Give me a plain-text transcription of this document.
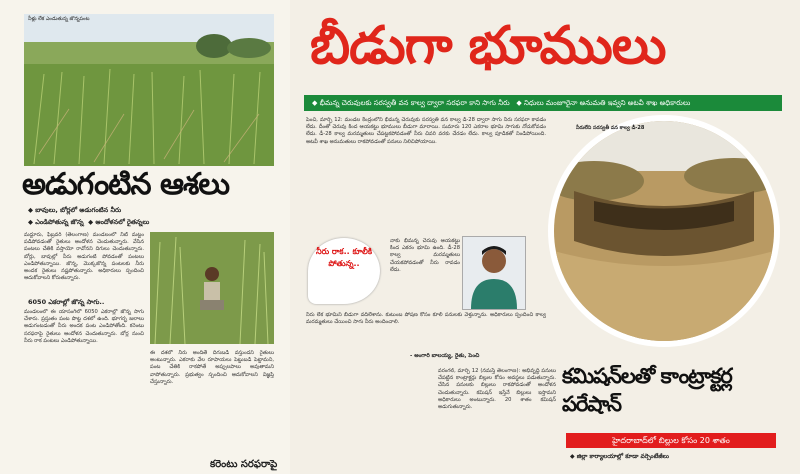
నీళ్లు లేక ఎండుతున్న జొన్నపంట
అడుగంటిన ఆశలు
◆ బావులు, బోర్లలో అడుగంటిన నీరు
◆ ఎండిపోతున్న జొన్న  ◆ ఆందోళనలో రైతన్నలు
మద్దూరు, ఫిబ్రవరి (తెలంగాణ) మండలంలో నీటి మట్టం పడిపోవడంతో రైతులు ఆందోళన చెందుతున్నారు. వేసిన పంటలు చేతికి వస్తాయో రావోనని దిగులు చెందుతున్నారు. బోర్లు, బావుల్లో నీరు అడుగంటి పోవడంతో పంటలు ఎండిపోతున్నాయి. జొన్న, మొక్కజొన్న పంటలకు నీరు అందక రైతులు నష్టపోతున్నారు. అధికారులు స్పందించి ఆదుకోవాలని కోరుతున్నారు.
6050 ఎకరాల్లో జొన్న సాగు..
మండలంలో ఈ యాసంగిలో 6050 ఎకరాల్లో జొన్న సాగు చేశారు. ప్రస్తుతం పంట పొట్ట దశలో ఉంది. భూగర్భ జలాలు అడుగంటడంతో నీరు అందక పంట ఎండిపోతోంది. కరెంటు సరఫరాపై రైతులు ఆందోళన చెందుతున్నారు. బోర్ల నుంచి నీరు రాక పంటలు ఎండిపోతున్నాయి.
ఈ దశలో నీరు అందితే దిగుబడి వస్తుందని రైతులు అంటున్నారు. ఎకరాకు వేల రూపాయలు పెట్టుబడి పెట్టామని, పంట చేతికి రాకపోతే అప్పులపాలు అవుతామని వాపోతున్నారు. ప్రభుత్వం స్పందించి ఆదుకోవాలని విజ్ఞప్తి చేస్తున్నారు.
కరెంటు సరఫరాపై
బీడుగా భూములు
◆ భీమన్న చెరువులకు సరస్వతీ వన కాల్వ ద్వారా సరఫరా కాని సాగు నీరు   ◆ నిధులు మంజూరైనా అనుమతి ఇవ్వని అటవీ శాఖ అధికారులు
పెంచి, మార్చి 12: మండల కేంద్రంలోని భీమన్న చెరువుకు సరస్వతి వన కాల్వ డీ-28 ద్వారా సాగు నీరు సరఫరా కావడం లేదు. దీంతో చెరువు కింద ఆయకట్టు భూములు బీడుగా మారాయి. సుమారు 120 ఎకరాల భూమి సాగుకు నోచుకోవడం లేదు. డీ-28 కాల్వ మరమ్మతులు చేపట్టకపోవడంతో నీరు చివరి వరకు చేరడం లేదు. కాల్వ పూడికతో నిండిపోయింది. అటవీ శాఖ అనుమతులు రాకపోవడంతో పనులు నిలిచిపోయాయి.
నీరులేని సరస్వతీ వన కాల్వ డీ-28
నీరు రాక.. కూలీకి పోతున్న..
నాకు భీమన్న చెరువు ఆయకట్టు కింద ఎకరం భూమి ఉంది. డీ-28 కాల్వ మరమ్మతులు చేయకపోవడంతో నీరు రావడం లేదు.
నీరు లేక భూమిని బీడుగా వదిలేశాను. కుటుంబ పోషణ కోసం కూలీ పనులకు వెళ్తున్నాను. అధికారులు స్పందించి కాల్వ మరమ్మతులు చేయించి సాగు నీరు అందించాలి.
- అంగారి బాలయ్య, రైతు, పెంచి
వరంగల్, మార్చి 12 (నమస్తే తెలంగాణ): అభివృద్ధి పనులు చేపట్టిన కాంట్రాక్టర్లు బిల్లుల కోసం అవస్థలు పడుతున్నారు. చేసిన పనులకు బిల్లులు రాకపోవడంతో ఆందోళన చెందుతున్నారు. కమిషన్ ఇస్తేనే బిల్లులు ఇస్తామని అధికారులు అంటున్నారు. 20 శాతం కమిషన్ అడుగుతున్నారు.
కమిషన్‌లతో కాంట్రాక్టర్ల పరేషాన్
హైదరాబాద్‌లో బిల్లుల కోసం 20 శాతం
◆ జిల్లా కార్యాలయాల్లో కూడా వర్సెంటేజీలు
